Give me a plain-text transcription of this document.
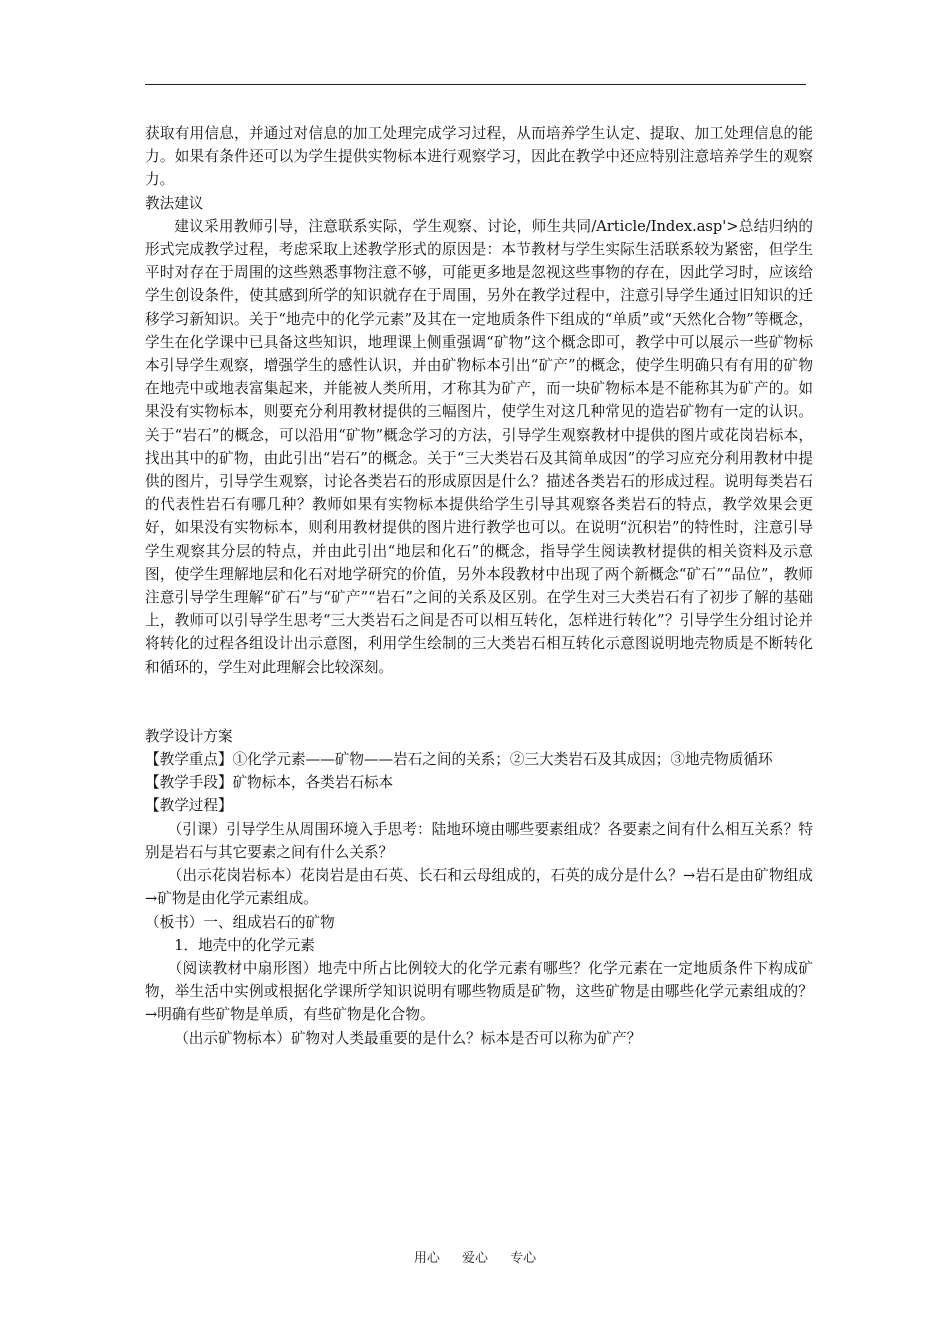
获取有用信息，并通过对信息的加工处理完成学习过程，从而培养学生认定、提取、加工处理信息的能力。如果有条件还可以为学生提供实物标本进行观察学习，因此在教学中还应特别注意培养学生的观察力。

教法建议

建议采用教师引导，注意联系实际，学生观察、讨论，师生共同/Article/Index.asp'>总结归纳的形式完成教学过程，考虑采取上述教学形式的原因是：本节教材与学生实际生活联系较为紧密，但学生平时对存在于周围的这些熟悉事物注意不够，可能更多地是忽视这些事物的存在，因此学习时，应该给学生创设条件，使其感到所学的知识就存在于周围，另外在教学过程中，注意引导学生通过旧知识的迁移学习新知识。关于“地壳中的化学元素”及其在一定地质条件下组成的“单质”或“天然化合物”等概念，学生在化学课中已具备这些知识，地理课上侧重强调“矿物”这个概念即可，教学中可以展示一些矿物标本引导学生观察，增强学生的感性认识，并由矿物标本引出“矿产”的概念，使学生明确只有有用的矿物在地壳中或地表富集起来，并能被人类所用，才称其为矿产，而一块矿物标本是不能称其为矿产的。如果没有实物标本，则要充分利用教材提供的三幅图片，使学生对这几种常见的造岩矿物有一定的认识。关于“岩石”的概念，可以沿用“矿物”概念学习的方法，引导学生观察教材中提供的图片或花岗岩标本，找出其中的矿物，由此引出“岩石”的概念。关于“三大类岩石及其简单成因”的学习应充分利用教材中提供的图片，引导学生观察，讨论各类岩石的形成原因是什么？描述各类岩石的形成过程。说明每类岩石的代表性岩石有哪几种？教师如果有实物标本提供给学生引导其观察各类岩石的特点，教学效果会更好，如果没有实物标本，则利用教材提供的图片进行教学也可以。在说明“沉积岩”的特性时，注意引导学生观察其分层的特点，并由此引出“地层和化石”的概念，指导学生阅读教材提供的相关资料及示意图，使学生理解地层和化石对地学研究的价值，另外本段教材中出现了两个新概念“矿石”“品位”，教师注意引导学生理解“矿石”与“矿产”“岩石”之间的关系及区别。在学生对三大类岩石有了初步了解的基础上，教师可以引导学生思考“三大类岩石之间是否可以相互转化，怎样进行转化”？引导学生分组讨论并将转化的过程各组设计出示意图，利用学生绘制的三大类岩石相互转化示意图说明地壳物质是不断转化和循环的，学生对此理解会比较深刻。

教学设计方案

【教学重点】①化学元素——矿物——岩石之间的关系；②三大类岩石及其成因；③地壳物质循环

【教学手段】矿物标本，各类岩石标本

【教学过程】

（引课）引导学生从周围环境入手思考：陆地环境由哪些要素组成？各要素之间有什么相互关系？特别是岩石与其它要素之间有什么关系？

（出示花岗岩标本）花岗岩是由石英、长石和云母组成的，石英的成分是什么？→岩石是由矿物组成→矿物是由化学元素组成。

（板书）一、组成岩石的矿物

1．地壳中的化学元素

（阅读教材中扇形图）地壳中所占比例较大的化学元素有哪些？化学元素在一定地质条件下构成矿物，举生活中实例或根据化学课所学知识说明有哪些物质是矿物，这些矿物是由哪些化学元素组成的？→明确有些矿物是单质，有些矿物是化合物。

（出示矿物标本）矿物对人类最重要的是什么？标本是否可以称为矿产？

用心 爱心 专心
